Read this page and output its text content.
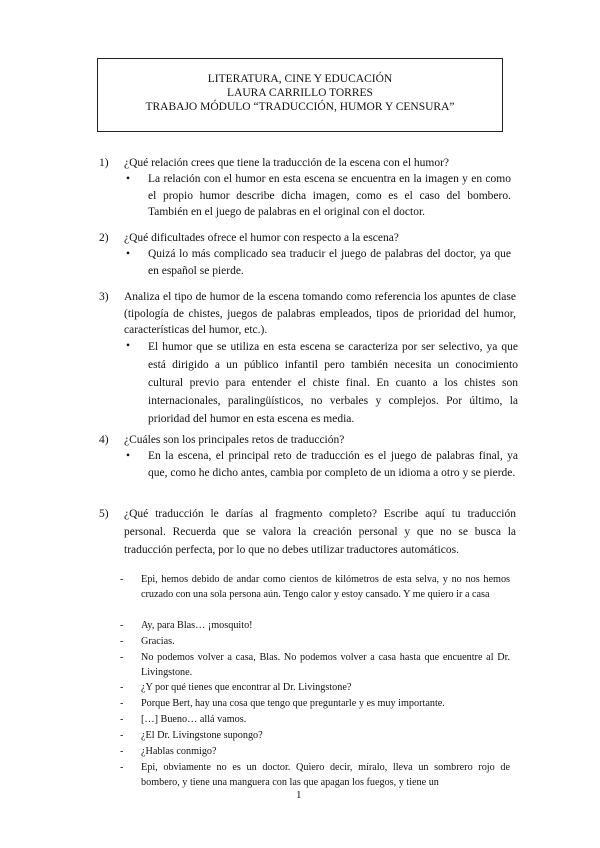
LITERATURA, CINE Y EDUCACIÓN
LAURA CARRILLO TORRES
TRABAJO MÓDULO “TRADUCCIÓN, HUMOR Y CENSURA”
1) ¿Qué relación crees que tiene la traducción de la escena con el humor?
• La relación con el humor en esta escena se encuentra en la imagen y en como el propio humor describe dicha imagen, como es el caso del bombero. También en el juego de palabras en el original con el doctor.
2) ¿Qué dificultades ofrece el humor con respecto a la escena?
• Quizá lo más complicado sea traducir el juego de palabras del doctor, ya que en español se pierde.
3) Analiza el tipo de humor de la escena tomando como referencia los apuntes de clase (tipología de chistes, juegos de palabras empleados, tipos de prioridad del humor, características del humor, etc.).
• El humor que se utiliza en esta escena se caracteriza por ser selectivo, ya que está dirigido a un público infantil pero también necesita un conocimiento cultural previo para entender el chiste final. En cuanto a los chistes son internacionales, paralingüísticos, no verbales y complejos. Por último, la prioridad del humor en esta escena es media.
4) ¿Cuáles son los principales retos de traducción?
• En la escena, el principal reto de traducción es el juego de palabras final, ya que, como he dicho antes, cambia por completo de un idioma a otro y se pierde.
5) ¿Qué traducción le darías al fragmento completo? Escribe aquí tu traducción personal. Recuerda que se valora la creación personal y que no se busca la traducción perfecta, por lo que no debes utilizar traductores automáticos.
- Epi, hemos debido de andar como cientos de kilómetros de esta selva, y no nos hemos cruzado con una sola persona aún. Tengo calor y estoy cansado. Y me quiero ir a casa
- Ay, para Blas… ¡mosquito!
- Gracias.
- No podemos volver a casa, Blas. No podemos volver a casa hasta que encuentre al Dr. Livingstone.
- ¿Y por qué tienes que encontrar al Dr. Livingstone?
- Porque Bert, hay una cosa que tengo que preguntarle y es muy importante.
- […] Bueno… allá vamos.
- ¿El Dr. Livingstone supongo?
- ¿Hablas conmigo?
- Epi, obviamente no es un doctor. Quiero decir, míralo, lleva un sombrero rojo de bombero, y tiene una manguera con las que apagan los fuegos, y tiene un
1
